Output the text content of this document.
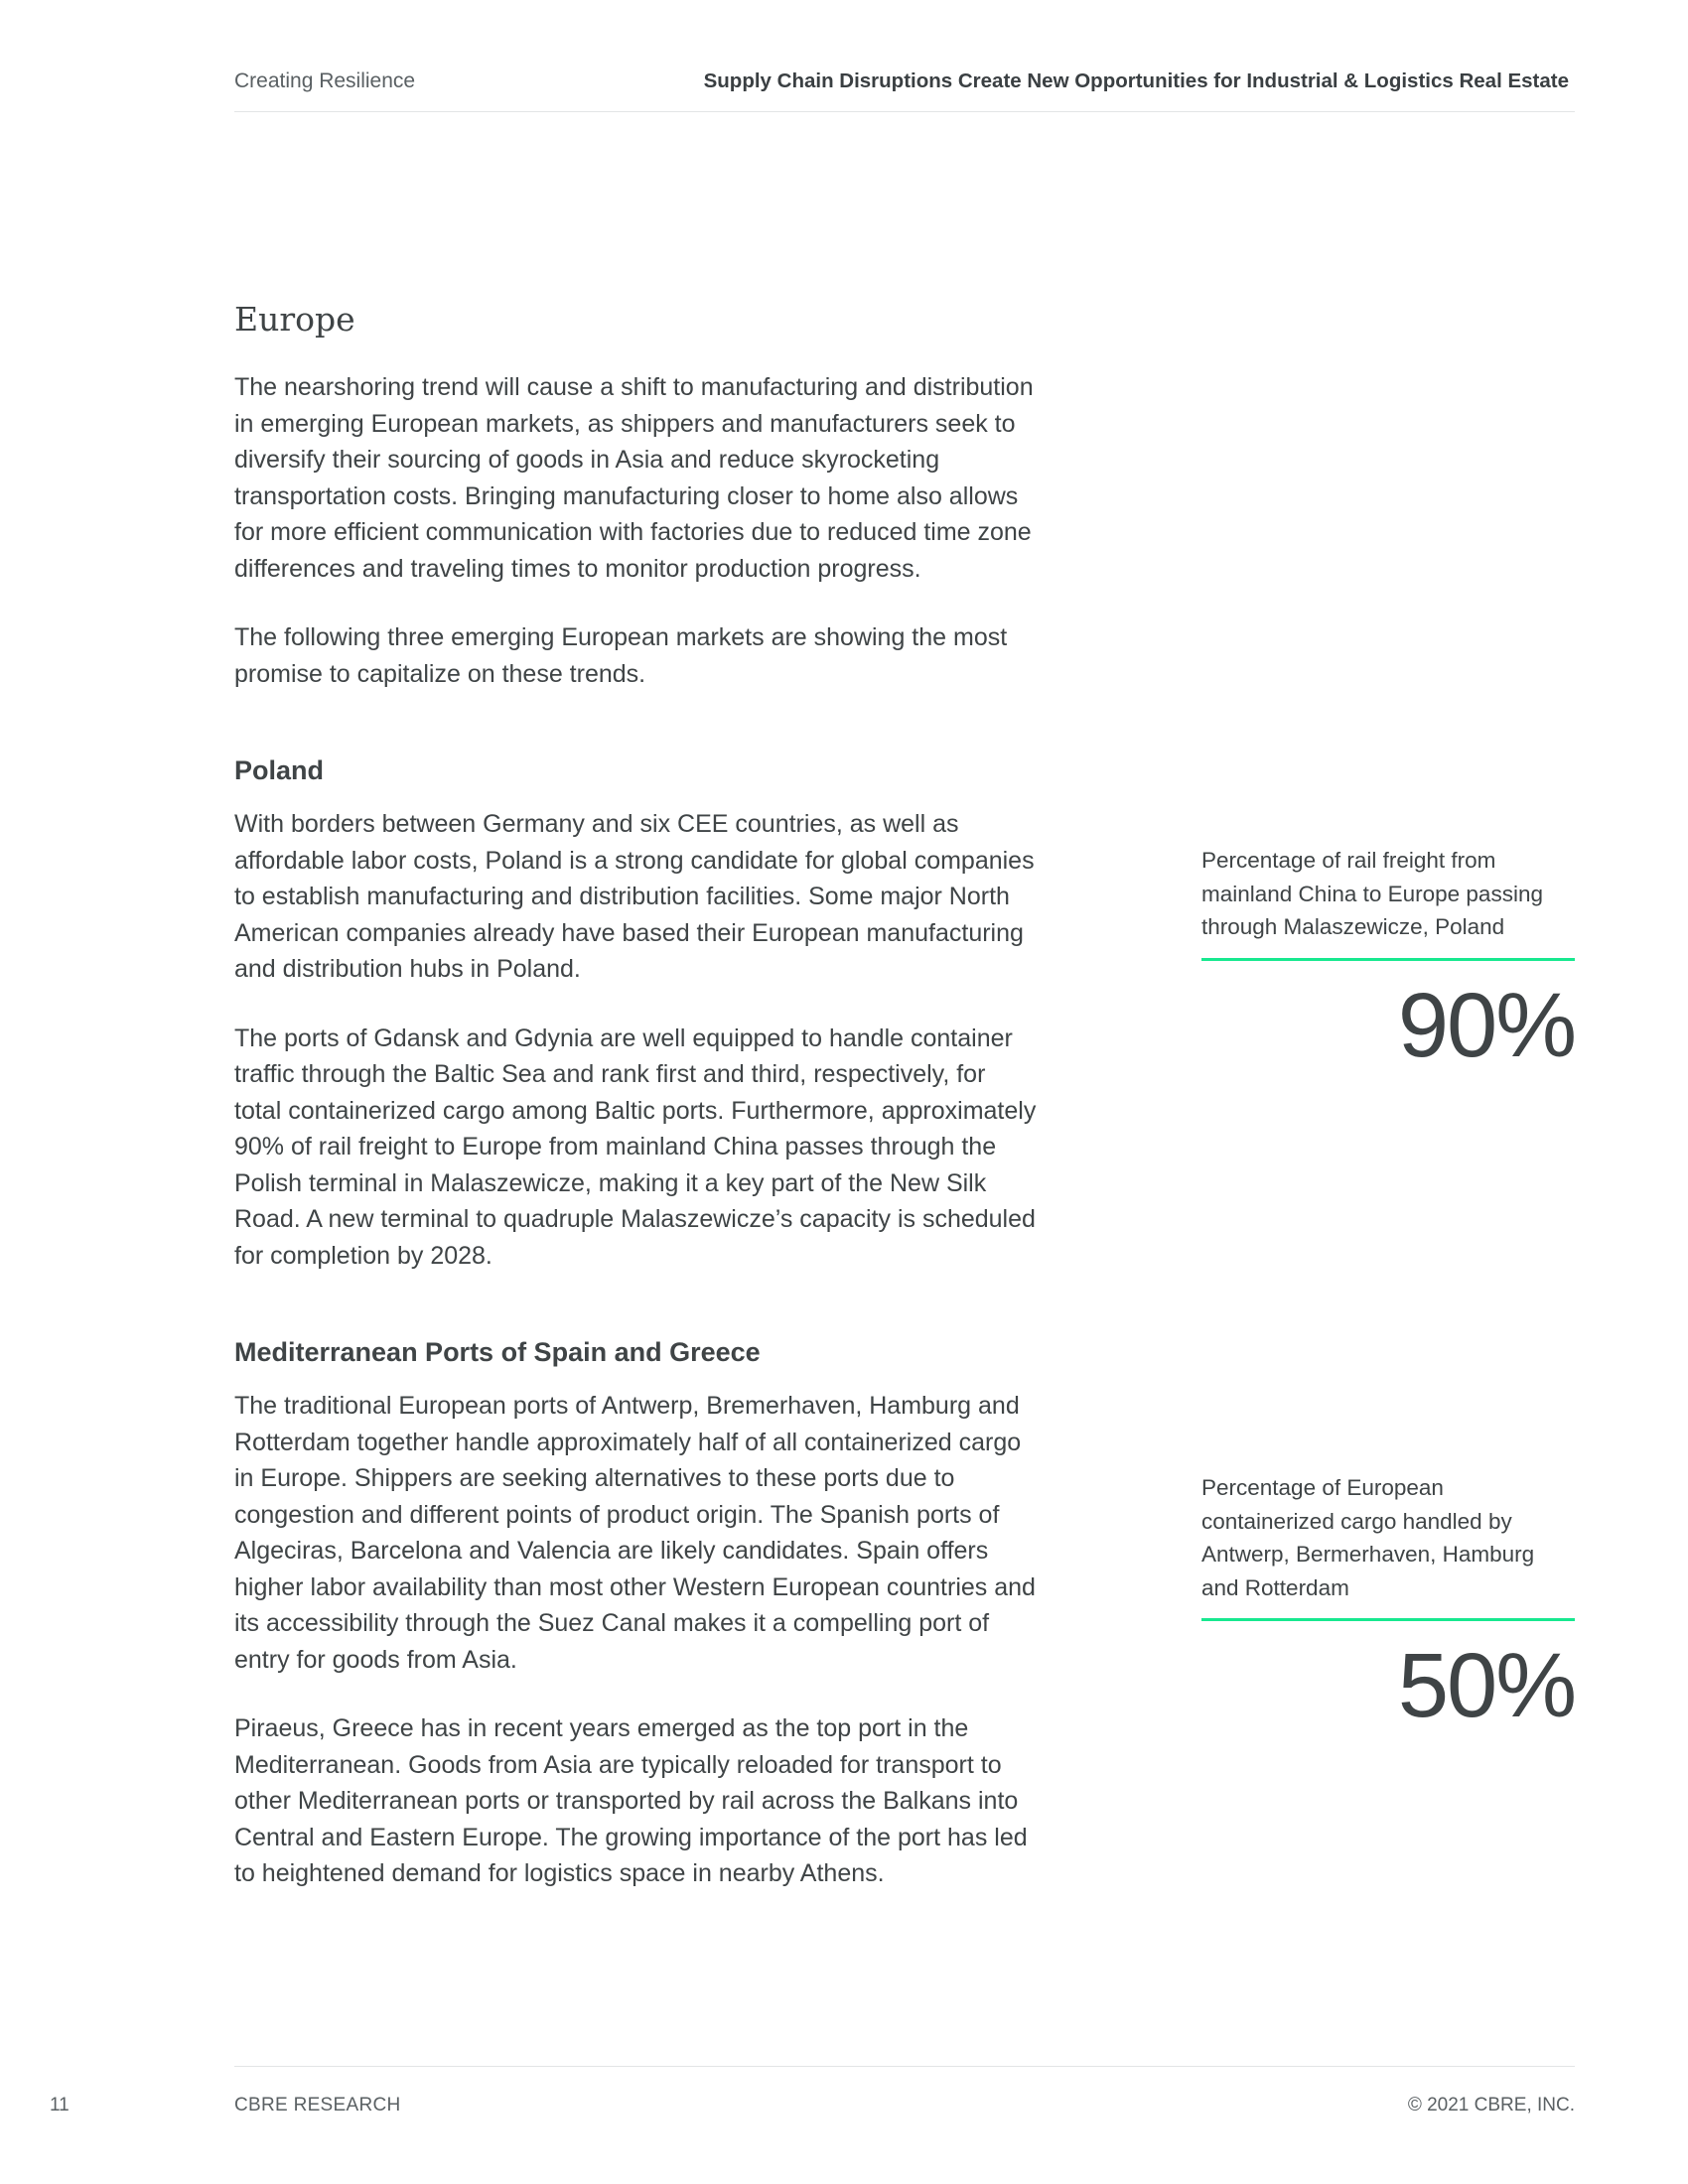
Creating Resilience	Supply Chain Disruptions Create New Opportunities for Industrial & Logistics Real Estate
Europe

The nearshoring trend will cause a shift to manufacturing and distribution in emerging European markets, as shippers and manufacturers seek to diversify their sourcing of goods in Asia and reduce skyrocketing transportation costs. Bringing manufacturing closer to home also allows for more efficient communication with factories due to reduced time zone differences and traveling times to monitor production progress.

The following three emerging European markets are showing the most promise to capitalize on these trends.

Poland

With borders between Germany and six CEE countries, as well as affordable labor costs, Poland is a strong candidate for global companies to establish manufacturing and distribution facilities. Some major North American companies already have based their European manufacturing and distribution hubs in Poland.

The ports of Gdansk and Gdynia are well equipped to handle container traffic through the Baltic Sea and rank first and third, respectively, for total containerized cargo among Baltic ports. Furthermore, approximately 90% of rail freight to Europe from mainland China passes through the Polish terminal in Malaszewicze, making it a key part of the New Silk Road. A new terminal to quadruple Malaszewicze’s capacity is scheduled for completion by 2028.

Mediterranean Ports of Spain and Greece

The traditional European ports of Antwerp, Bremerhaven, Hamburg and Rotterdam together handle approximately half of all containerized cargo in Europe. Shippers are seeking alternatives to these ports due to congestion and different points of product origin. The Spanish ports of Algeciras, Barcelona and Valencia are likely candidates. Spain offers higher labor availability than most other Western European countries and its accessibility through the Suez Canal makes it a compelling port of entry for goods from Asia.

Piraeus, Greece has in recent years emerged as the top port in the Mediterranean. Goods from Asia are typically reloaded for transport to other Mediterranean ports or transported by rail across the Balkans into Central and Eastern Europe. The growing importance of the port has led to heightened demand for logistics space in nearby Athens.

Percentage of rail freight from mainland China to Europe passing through Malaszewicze, Poland
90%
Percentage of European containerized cargo handled by Antwerp, Bermerhaven, Hamburg and Rotterdam
50%
11	CBRE RESEARCH	© 2021 CBRE, INC.
